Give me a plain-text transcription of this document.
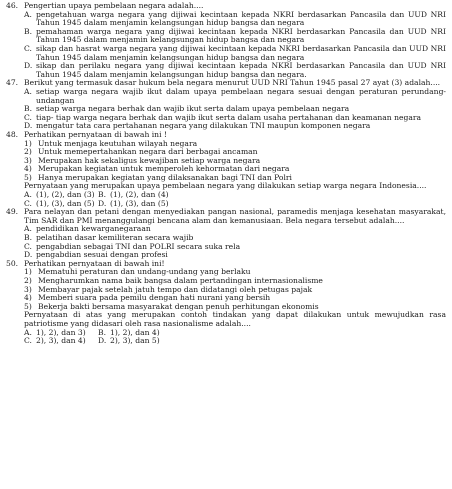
46. Pengertian upaya pembelaan negara adalah....
A. pengetahuan warga negara yang dijiwai kecintaan kepada NKRI berdasarkan Pancasila dan UUD NRI Tahun 1945 dalam menjamin kelangsungan hidup bangsa dan negara
B. pemahaman warga negara yang dijiwai kecintaan kepada NKRI berdasarkan Pancasila dan UUD NRI Tahun 1945 dalam menjamin kelangsungan hidup bangsa dan negara
C. sikap dan hasrat warga negara yang dijiwai kecintaan kepada NKRI berdasarkan Pancasila dan UUD NRI Tahun 1945 dalam menjamin kelangsungan hidup bangsa dan negara
D. sikap dan perilaku negara yang dijiwai kecintaan kepada NKRI berdasarkan Pancasila dan UUD NRI Tahun 1945 dalam menjamin kelangsungan hidup bangsa dan negara.
47. Berikut yang termasuk dasar hukum bela negara menurut UUD NRI Tahun 1945 pasal 27 ayat (3) adalah....
A. setiap warga negara wajib ikut dalam upaya pembelaan negara sesuai dengan peraturan perundang-undangan
B. setiap warga negara berhak dan wajib ikut serta dalam upaya pembelaan negara
C. tiap- tiap warga negara berhak dan wajib ikut serta dalam usaha pertahanan dan keamanan negara
D. mengatur tata cara pertahanan negara yang dilakukan TNI maupun komponen negara
48. Perhatikan pernyataan di bawah ini !
1) Untuk menjaga keutuhan wilayah negara
2) Untuk memepertahankan negara dari berbagai ancaman
3) Merupakan hak sekaligus kewajiban setiap warga negara
4) Merupakan kegiatan untuk memperoleh kehormatan dari negara
5) Hanya merupakan kegiatan yang dilaksanakan bagi TNI dan Polri
Pernyataan yang merupakan upaya pembelaan negara yang dilakukan setiap warga negara Indonesia....
A. (1), (2), dan (3) B. (1), (2), dan (4)
C. (1), (3), dan (5) D. (1), (3), dan (5)
49. Para nelayan dan petani dengan menyediakan pangan nasional, paramedis menjaga kesehatan masyarakat, Tim SAR dan PMI menanggulangi bencana alam dan kemanusiaan. Bela negara tersebut adalah....
A. pendidikan kewarganegaraan
B. pelatihan dasar kemiliteran secara wajib
C. pengabdian sebagai TNI dan POLRI secara suka rela
D. pengabdian sesuai dengan profesi
50. Perhatikan pernyataan di bawah ini!
1) Mematuhi peraturan dan undang-undang yang berlaku
2) Mengharumkan nama baik bangsa dalam pertandingan internasionalisme
3) Membayar pajak setelah jatuh tempo dan didatangi oleh petugas pajak
4) Memberi suara pada pemilu dengan hati nurani yang bersih
5) Bekerja bakti bersama masyarakat dengan penuh perhitungan ekonomis
Pernyataan di atas yang merupakan contoh tindakan yang dapat dilakukan untuk mewujudkan rasa patriotisme yang didasari oleh rasa nasionalisme adalah....
A. 1), 2), dan 3)	B. 1), 2), dan 4)
C. 2), 3), dan 4)	D. 2), 3), dan 5)
